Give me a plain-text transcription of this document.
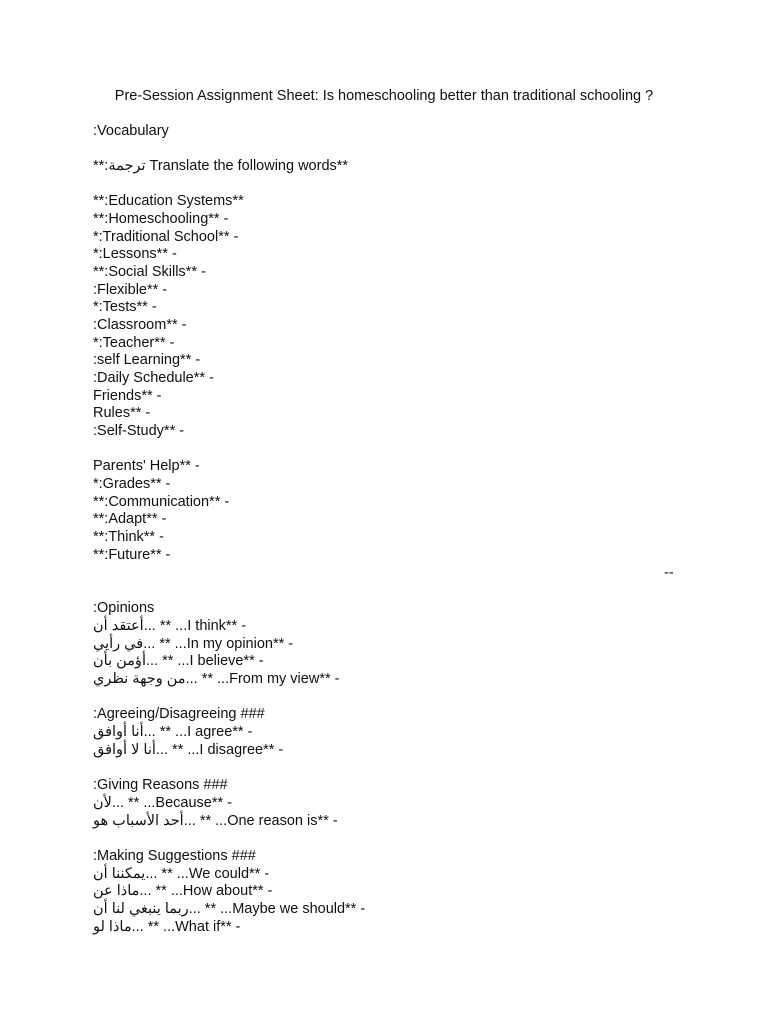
Pre-Session Assignment Sheet: Is homeschooling better than traditional schooling ?
:Vocabulary
**:ترجمة Translate the following words**
**:Education Systems**
**:Homeschooling** -
*:Traditional School** -
*:Lessons** -
**:Social Skills** -
:Flexible** -
*:Tests** -
:Classroom** -
*:Teacher** -
:self Learning** -
:Daily Schedule** -
Friends** -
Rules** -
:Self-Study** -
Parents' Help** -
*:Grades** -
**:Communication** -
**:Adapt** -
**:Think** -
**:Future** -
--
:Opinions
أعتقد أن... ** ...I think** -
في رأيي... ** ...In my opinion** -
أؤمن بأن... ** ...I believe** -
من وجهة نظري... ** ...From my view** -
:Agreeing/Disagreeing ###
أنا أوافق... ** ...I agree** -
أنا لا أوافق... ** ...I disagree** -
:Giving Reasons ###
لأن... ** ...Because** -
أحد الأسباب هو... ** ...One reason is** -
:Making Suggestions ###
يمكننا أن... ** ...We could** -
ماذا عن... ** ...How about** -
ربما ينبغي لنا أن... ** ...Maybe we should** -
ماذا لو... ** ...What if** -
